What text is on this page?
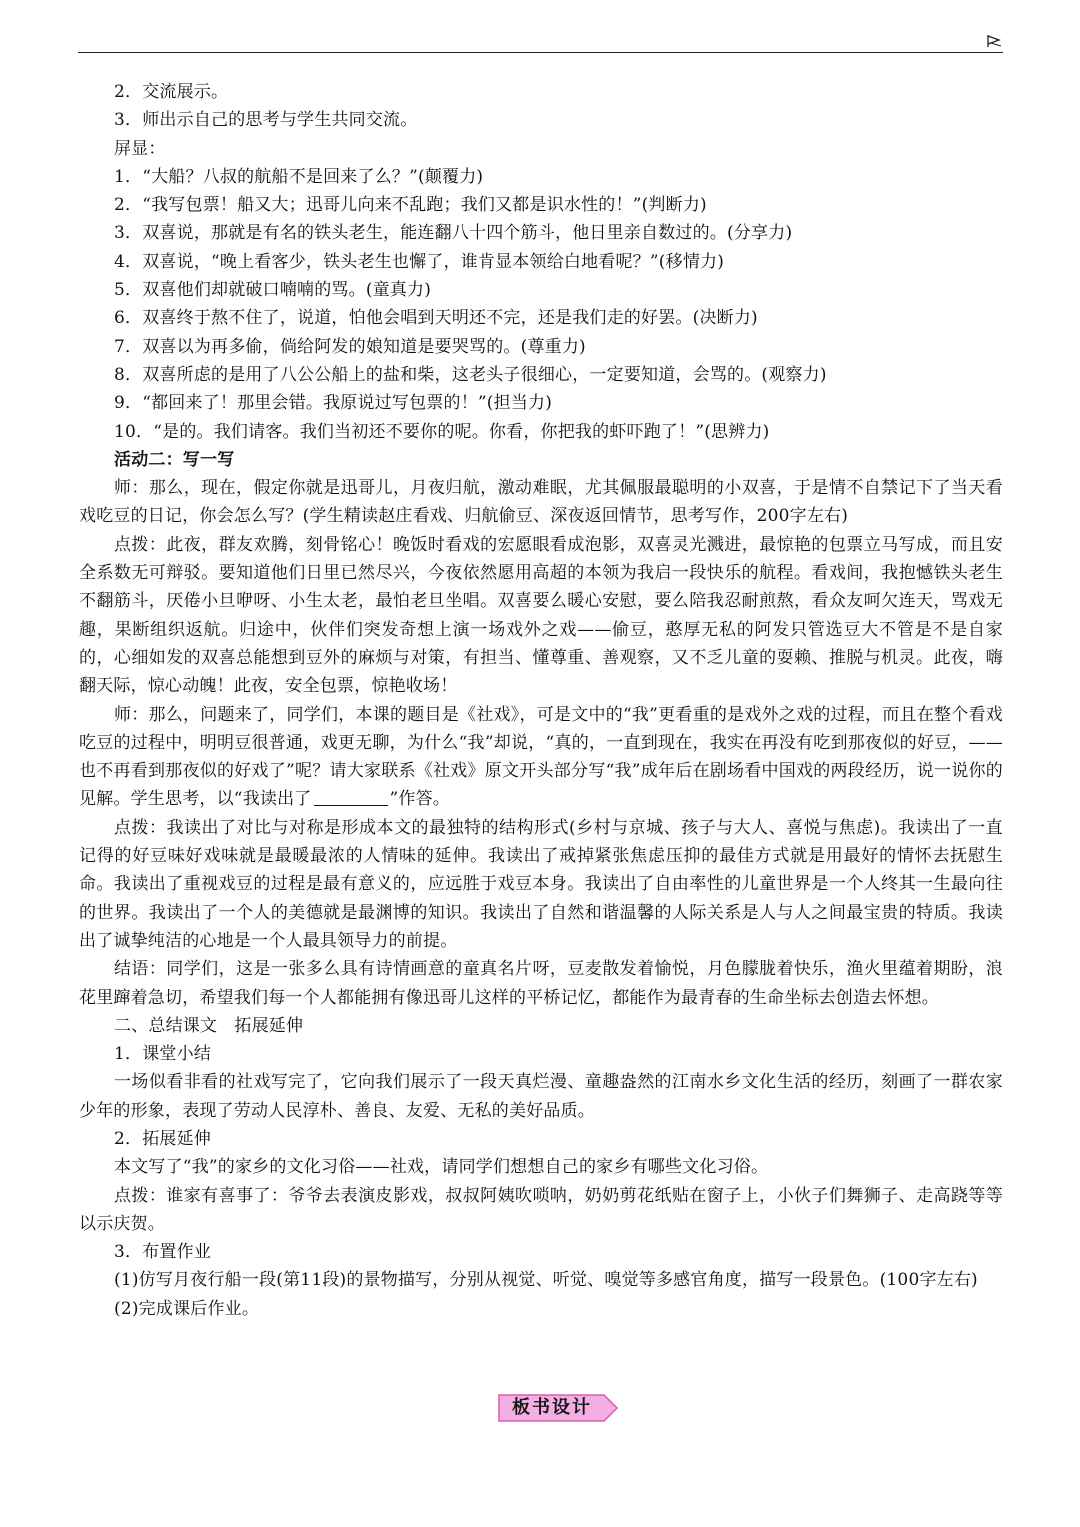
2．交流展示。

3．师出示自己的思考与学生共同交流。

屏显：

1．“大船？八叔的航船不是回来了么？”(颠覆力)

2．“我写包票！船又大；迅哥儿向来不乱跑；我们又都是识水性的！”(判断力)

3．双喜说，那就是有名的铁头老生，能连翻八十四个筋斗，他日里亲自数过的。(分享力)

4．双喜说，“晚上看客少，铁头老生也懈了，谁肯显本领给白地看呢？”(移情力)

5．双喜他们却就破口喃喃的骂。(童真力)

6．双喜终于熬不住了，说道，怕他会唱到天明还不完，还是我们走的好罢。(决断力)

7．双喜以为再多偷，倘给阿发的娘知道是要哭骂的。(尊重力)

8．双喜所虑的是用了八公公船上的盐和柴，这老头子很细心，一定要知道，会骂的。(观察力)

9．“都回来了！那里会错。我原说过写包票的！”(担当力)

10．“是的。我们请客。我们当初还不要你的呢。你看，你把我的虾吓跑了！”(思辨力)

活动二：写一写

师：那么，现在，假定你就是迅哥儿，月夜归航，激动难眠，尤其佩服最聪明的小双喜，于是情不自禁记下了当天看戏吃豆的日记，你会怎么写？(学生精读赵庄看戏、归航偷豆、深夜返回情节，思考写作，200字左右)

点拨：此夜，群友欢腾，刻骨铭心！晚饭时看戏的宏愿眼看成泡影，双喜灵光溅进，最惊艳的包票立马写成，而且安全系数无可辩驳。要知道他们日里已然尽兴，今夜依然愿用高超的本领为我启一段快乐的航程。看戏间，我抱憾铁头老生不翻筋斗，厌倦小旦咿呀、小生太老，最怕老旦坐唱。双喜要么暖心安慰，要么陪我忍耐煎熬，看众友呵欠连天，骂戏无趣，果断组织返航。归途中，伙伴们突发奇想上演一场戏外之戏——偷豆，憨厚无私的阿发只管选豆大不管是不是自家的，心细如发的双喜总能想到豆外的麻烦与对策，有担当、懂尊重、善观察，又不乏儿童的耍赖、推脱与机灵。此夜，嗨翻天际，惊心动魄！此夜，安全包票，惊艳收场！

师：那么，问题来了，同学们，本课的题目是《社戏》，可是文中的“我”更看重的是戏外之戏的过程，而且在整个看戏吃豆的过程中，明明豆很普通，戏更无聊，为什么“我”却说，“真的，一直到现在，我实在再没有吃到那夜似的好豆，——也不再看到那夜似的好戏了”呢？请大家联系《社戏》原文开头部分写“我”成年后在剧场看中国戏的两段经历，说一说你的见解。学生思考，以“我读出了	”作答。

点拨：我读出了对比与对称是形成本文的最独特的结构形式(乡村与京城、孩子与大人、喜悦与焦虑)。我读出了一直记得的好豆味好戏味就是最暖最浓的人情味的延伸。我读出了戒掉紧张焦虑压抑的最佳方式就是用最好的情怀去抚慰生命。我读出了重视戏豆的过程是最有意义的，应远胜于戏豆本身。我读出了自由率性的儿童世界是一个人终其一生最向往的世界。我读出了一个人的美德就是最渊博的知识。我读出了自然和谐温馨的人际关系是人与人之间最宝贵的特质。我读出了诚挚纯洁的心地是一个人最具领导力的前提。

结语：同学们，这是一张多么具有诗情画意的童真名片呀，豆麦散发着愉悦，月色朦胧着快乐，渔火里蕴着期盼，浪花里蹿着急切，希望我们每一个人都能拥有像迅哥儿这样的平桥记忆，都能作为最青春的生命坐标去创造去怀想。

二、总结课文　拓展延伸

1．课堂小结

一场似看非看的社戏写完了，它向我们展示了一段天真烂漫、童趣盎然的江南水乡文化生活的经历，刻画了一群农家少年的形象，表现了劳动人民淳朴、善良、友爱、无私的美好品质。

2．拓展延伸

本文写了“我”的家乡的文化习俗——社戏，请同学们想想自己的家乡有哪些文化习俗。

点拨：谁家有喜事了：爷爷去表演皮影戏，叔叔阿姨吹唢呐，奶奶剪花纸贴在窗子上，小伙子们舞狮子、走高跷等等以示庆贺。

3．布置作业

(1)仿写月夜行船一段(第11段)的景物描写，分别从视觉、听觉、嗅觉等多感官角度，描写一段景色。(100字左右)

(2)完成课后作业。

板书设计
